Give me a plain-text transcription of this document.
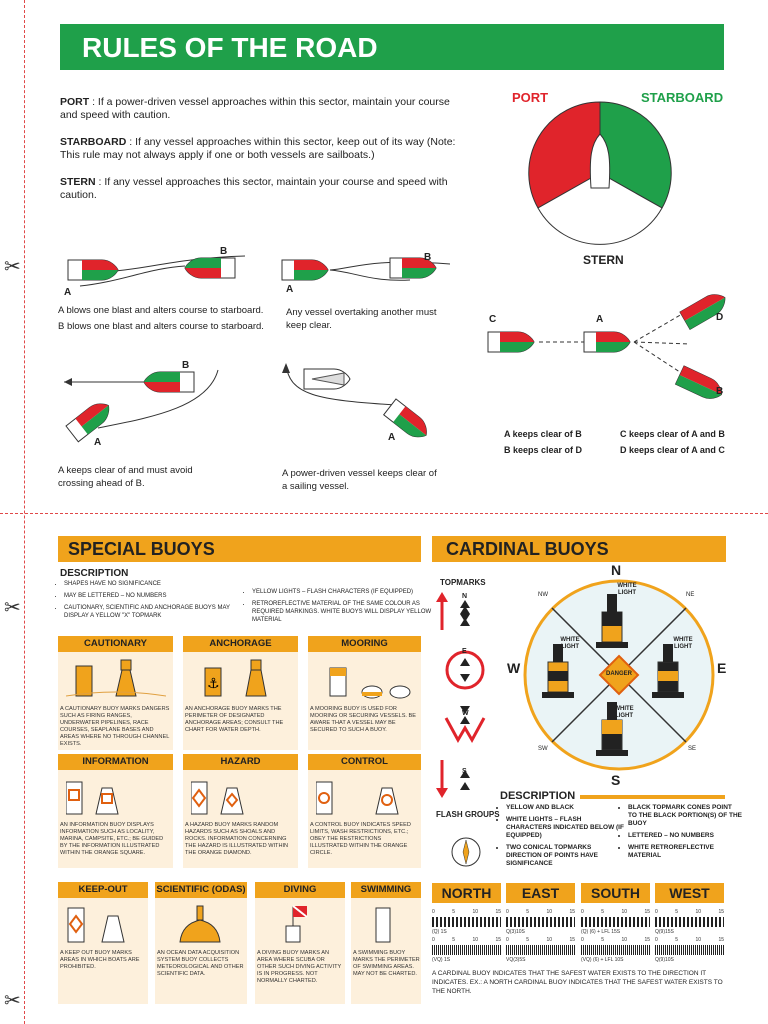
✂
✂
✂
RULES OF THE ROAD
PORT : If a power-driven vessel approaches within this sector, maintain your course and speed with caution.
STARBOARD : If any vessel approaches within this sector, keep out of its way (Note: This rule may not always apply if one or both vessels are sailboats.)
STERN : If any vessel approaches this sector, maintain your course and speed with caution.
PORT	STARBOARD
STERN
B
A
A blows one blast and alters course to starboard.
B blows one blast and alters course to starboard.
B
A
Any vessel overtaking another must keep clear.
B
A
A keeps clear of and must avoid crossing ahead of B.
A
A power-driven vessel keeps clear of a sailing vessel.
C	A	D
B
A keeps clear of B
B keeps clear of D
C keeps clear of A and B
D keeps clear of A and C
SPECIAL BUOYS
DESCRIPTION
• SHAPES HAVE NO SIGNIFICANCE
• MAY BE LETTERED – NO NUMBERS
• CAUTIONARY, SCIENTIFIC AND ANCHORAGE BUOYS MAY DISPLAY A YELLOW "X" TOPMARK
• YELLOW LIGHTS – FLASH CHARACTERS (IF EQUIPPED)
• RETROREFLECTIVE MATERIAL OF THE SAME COLOUR AS REQUIRED MARKINGS. WHITE BUOYS WILL DISPLAY YELLOW MATERIAL
CAUTIONARY
A CAUTIONARY BUOY MARKS DANGERS SUCH AS FIRING RANGES, UNDERWATER PIPELINES, RACE COURSES, SEAPLANE BASES AND AREAS WHERE NO THROUGH CHANNEL EXISTS.
ANCHORAGE
⚓
AN ANCHORAGE BUOY MARKS THE PERIMETER OF DESIGNATED ANCHORAGE AREAS; CONSULT THE CHART FOR WATER DEPTH.
MOORING
A MOORING BUOY IS USED FOR MOORING OR SECURING VESSELS. BE AWARE THAT A VESSEL MAY BE SECURED TO SUCH A BUOY.
INFORMATION
AN INFORMATION BUOY DISPLAYS INFORMATION SUCH AS LOCALITY, MARINA, CAMPSITE, ETC.; BE GUIDED BY THE INFORMATION ILLUSTRATED WITHIN THE ORANGE SQUARE.
HAZARD
A HAZARD BUOY MARKS RANDOM HAZARDS SUCH AS SHOALS AND ROCKS. INFORMATION CONCERNING THE HAZARD IS ILLUSTRATED WITHIN THE ORANGE DIAMOND.
CONTROL
A CONTROL BUOY INDICATES SPEED LIMITS, WASH RESTRICTIONS, ETC.; OBEY THE RESTRICTIONS ILLUSTRATED WITHIN THE ORANGE CIRCLE.
KEEP-OUT
A KEEP OUT BUOY MARKS AREAS IN WHICH BOATS ARE PROHIBITED.
SCIENTIFIC (ODAS)
AN OCEAN DATA ACQUISITION SYSTEM BUOY COLLECTS METEOROLOGICAL AND OTHER SCIENTIFIC DATA.
DIVING
A DIVING BUOY MARKS AN AREA WHERE SCUBA OR OTHER SUCH DIVING ACTIVITY IS IN PROGRESS. NOT NORMALLY CHARTED.
SWIMMING
A SWIMMING BUOY MARKS THE PERIMETER OF SWIMMING AREAS. MAY NOT BE CHARTED.
CARDINAL BUOYS
TOPMARKS
N
E
W
S
FLASH GROUPS
N
S
W	E
NW	NE
SW	SE
WHITE LIGHT
WHITE LIGHT
WHITE LIGHT
WHITE LIGHT
DANGER
DESCRIPTION
• YELLOW AND BLACK
• WHITE LIGHTS – FLASH CHARACTERS INDICATED BELOW (IF EQUIPPED)
• TWO CONICAL TOPMARKS DIRECTION OF POINTS HAVE SIGNIFICANCE
• BLACK TOPMARK CONES POINT TO THE BLACK PORTION(S) OF THE BUOY
• LETTERED – NO NUMBERS
• WHITE RETROREFLECTIVE MATERIAL
NORTH	EAST	SOUTH	WEST
0	5	10	15 0	5	10	15 0	5	10	15 0	5	10	15
(Q) 1S	Q(3)10S	(Q) (6) + LFL 15S	Q(9)15S
0	5	10	15 0	5	10	15 0	5	10	15 0	5	10	15
(VQ) 1S	VQ(3)5S	(VQ) (6) + LFL 10S	Q(9)10S
A CARDINAL BUOY INDICATES THAT THE SAFEST WATER EXISTS TO THE DIRECTION IT INDICATES. EX.: A NORTH CARDINAL BUOY INDICATES THAT THE SAFEST WATER EXISTS TO THE NORTH.
